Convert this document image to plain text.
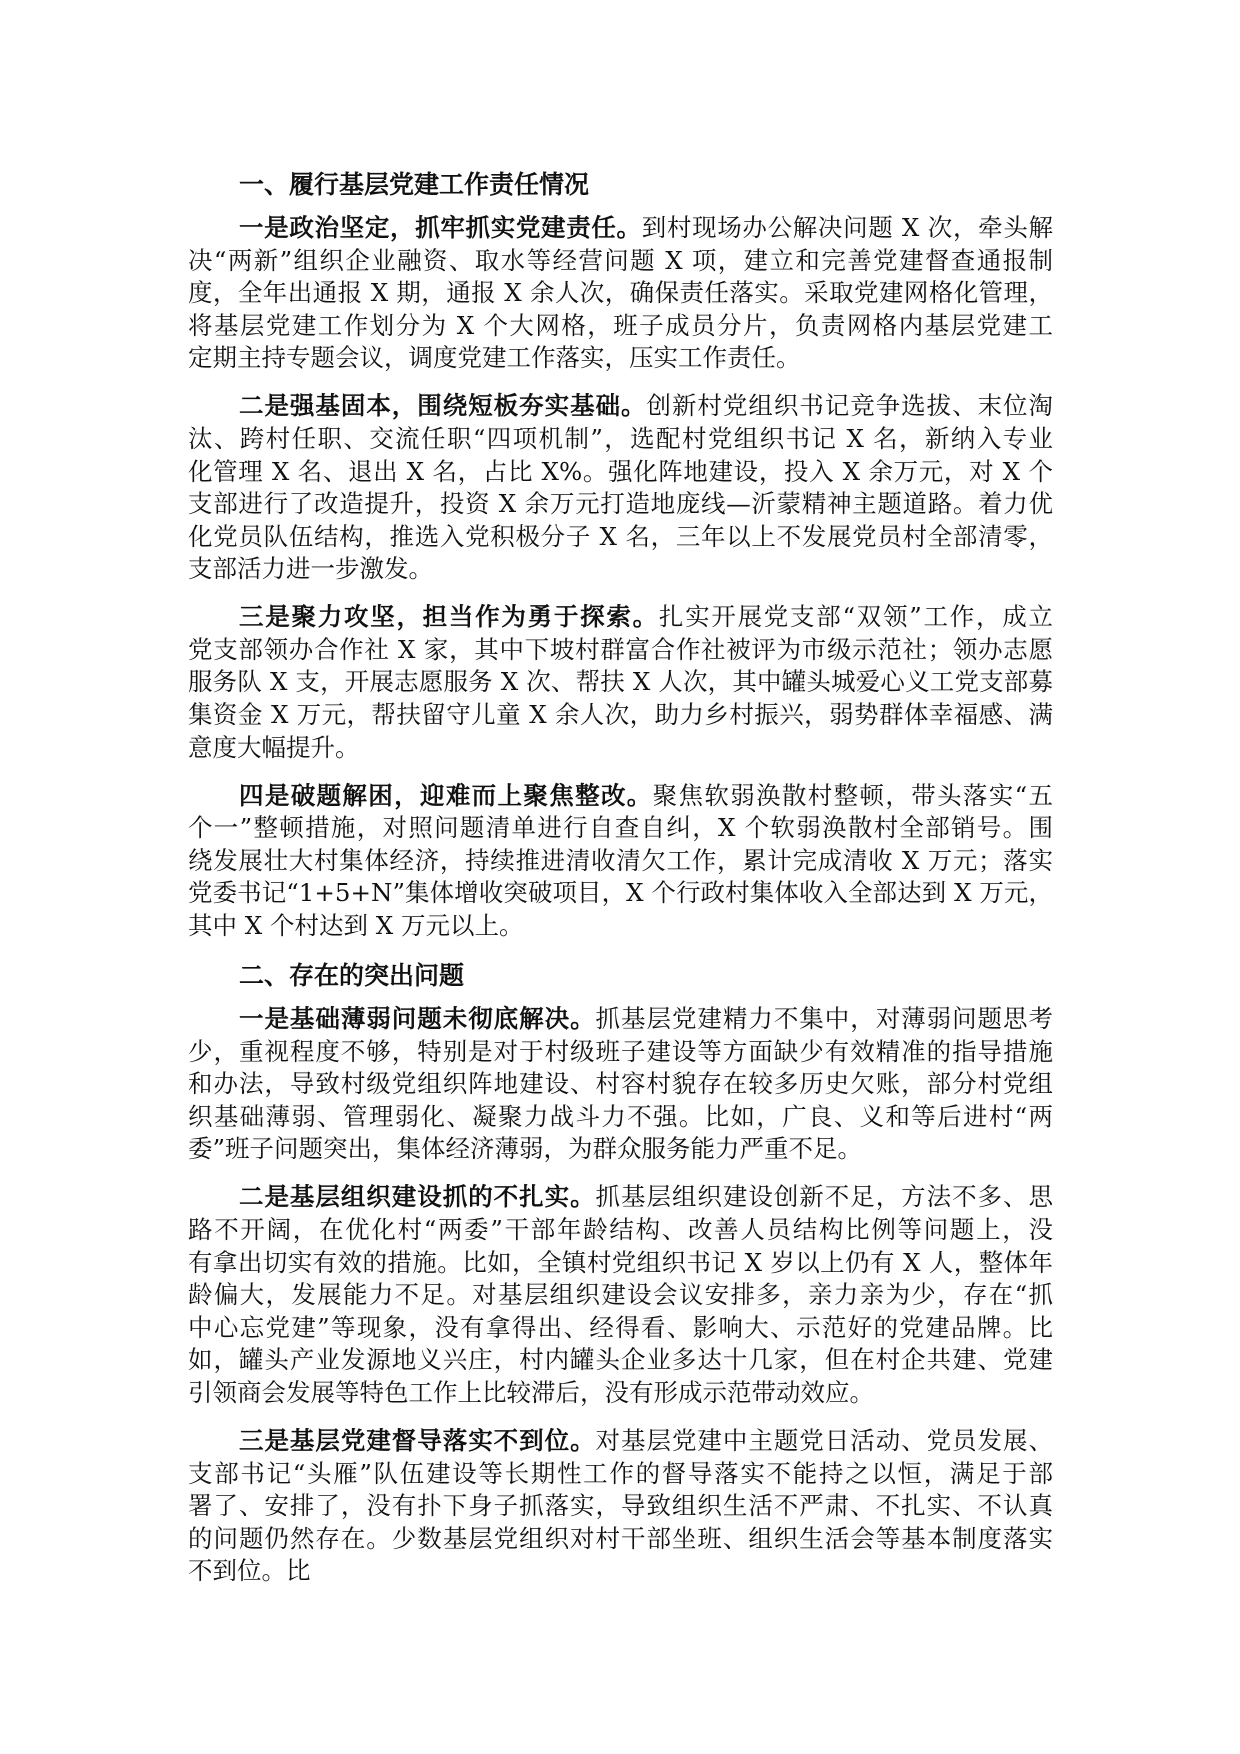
一、履行基层党建工作责任情况
一是政治坚定，抓牢抓实党建责任。到村现场办公解决问题 X 次，牵头解
决“两新”组织企业融资、取水等经营问题 X 项，建立和完善党建督查通报制
度，全年出通报 X 期，通报 X 余人次，确保责任落实。采取党建网格化管理，
将基层党建工作划分为 X 个大网格，班子成员分片，负责网格内基层党建工
定期主持专题会议，调度党建工作落实，压实工作责任。
二是强基固本，围绕短板夯实基础。创新村党组织书记竞争选拔、末位淘
汰、跨村任职、交流任职“四项机制”，选配村党组织书记 X 名，新纳入专业
化管理 X 名、退出 X 名，占比 X%。强化阵地建设，投入 X 余万元，对 X 个
支部进行了改造提升，投资 X 余万元打造地庞线—沂蒙精神主题道路。着力优
化党员队伍结构，推选入党积极分子 X 名，三年以上不发展党员村全部清零，
支部活力进一步激发。
三是聚力攻坚，担当作为勇于探索。扎实开展党支部“双领”工作，成立
党支部领办合作社 X 家，其中下坡村群富合作社被评为市级示范社；领办志愿
服务队 X 支，开展志愿服务 X 次、帮扶 X 人次，其中罐头城爱心义工党支部募
集资金 X 万元，帮扶留守儿童 X 余人次，助力乡村振兴，弱势群体幸福感、满
意度大幅提升。
四是破题解困，迎难而上聚焦整改。聚焦软弱涣散村整顿，带头落实“五
个一”整顿措施，对照问题清单进行自查自纠，X 个软弱涣散村全部销号。围
绕发展壮大村集体经济，持续推进清收清欠工作，累计完成清收 X 万元；落实
党委书记“1+5+N”集体增收突破项目，X 个行政村集体收入全部达到 X 万元，
其中 X 个村达到 X 万元以上。
二、存在的突出问题
一是基础薄弱问题未彻底解决。抓基层党建精力不集中，对薄弱问题思考
少，重视程度不够，特别是对于村级班子建设等方面缺少有效精准的指导措施
和办法，导致村级党组织阵地建设、村容村貌存在较多历史欠账，部分村党组
织基础薄弱、管理弱化、凝聚力战斗力不强。比如，广良、义和等后进村“两
委”班子问题突出，集体经济薄弱，为群众服务能力严重不足。
二是基层组织建设抓的不扎实。抓基层组织建设创新不足，方法不多、思
路不开阔，在优化村“两委”干部年龄结构、改善人员结构比例等问题上，没
有拿出切实有效的措施。比如，全镇村党组织书记 X 岁以上仍有 X 人，整体年
龄偏大，发展能力不足。对基层组织建设会议安排多，亲力亲为少，存在“抓
中心忘党建”等现象，没有拿得出、经得看、影响大、示范好的党建品牌。比
如，罐头产业发源地义兴庄，村内罐头企业多达十几家，但在村企共建、党建
引领商会发展等特色工作上比较滞后，没有形成示范带动效应。
三是基层党建督导落实不到位。对基层党建中主题党日活动、党员发展、
支部书记“头雁”队伍建设等长期性工作的督导落实不能持之以恒，满足于部
署了、安排了，没有扑下身子抓落实，导致组织生活不严肃、不扎实、不认真
的问题仍然存在。少数基层党组织对村干部坐班、组织生活会等基本制度落实
不到位。比
